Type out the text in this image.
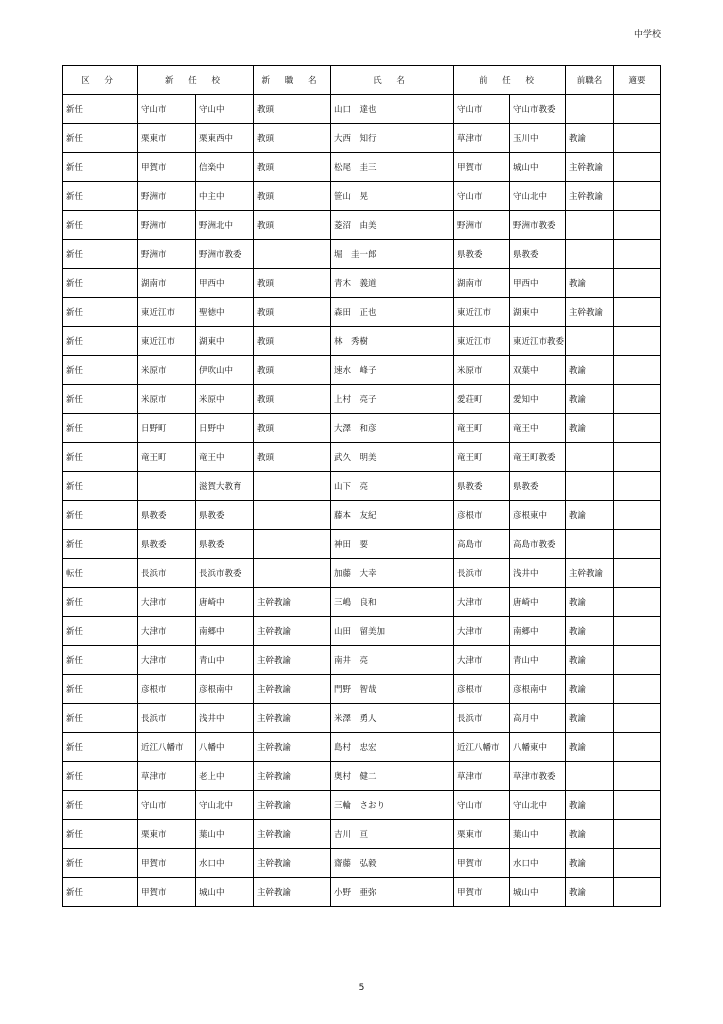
中学校
区 分	新 任 校		新 職 名	氏 名	前 任 校		前職名	適要
新任	守山市	守山中	教頭	山口　達也	守山市	守山市教委		
新任	栗東市	栗東西中	教頭	大西　知行	草津市	玉川中	教諭	
新任	甲賀市	信楽中	教頭	松尾　圭三	甲賀市	城山中	主幹教諭	
新任	野洲市	中主中	教頭	笹山　晃	守山市	守山北中	主幹教諭	
新任	野洲市	野洲北中	教頭	菱沼　由美	野洲市	野洲市教委		
新任	野洲市	野洲市教委		堀　圭一郎	県教委	県教委		
新任	湖南市	甲西中	教頭	青木　義道	湖南市	甲西中	教諭	
新任	東近江市	聖徳中	教頭	森田　正也	東近江市	湖東中	主幹教諭	
新任	東近江市	湖東中	教頭	林　秀樹	東近江市	東近江市教委		
新任	米原市	伊吹山中	教頭	速水　峰子	米原市	双葉中	教諭	
新任	米原市	米原中	教頭	上村　亮子	愛荘町	愛知中	教諭	
新任	日野町	日野中	教頭	大澤　和彦	竜王町	竜王中	教諭	
新任	竜王町	竜王中	教頭	武久　明美	竜王町	竜王町教委		
新任		滋賀大教育		山下　亮	県教委	県教委		
新任	県教委	県教委		藤本　友紀	彦根市	彦根東中	教諭	
新任	県教委	県教委		神田　要	高島市	高島市教委		
転任	長浜市	長浜市教委		加藤　大幸	長浜市	浅井中	主幹教諭	
新任	大津市	唐崎中	主幹教諭	三嶋　良和	大津市	唐崎中	教諭	
新任	大津市	南郷中	主幹教諭	山田　留美加	大津市	南郷中	教諭	
新任	大津市	青山中	主幹教諭	南井　亮	大津市	青山中	教諭	
新任	彦根市	彦根南中	主幹教諭	門野　智哉	彦根市	彦根南中	教諭	
新任	長浜市	浅井中	主幹教諭	米澤　勇人	長浜市	高月中	教諭	
新任	近江八幡市	八幡中	主幹教諭	島村　忠宏	近江八幡市	八幡東中	教諭	
新任	草津市	老上中	主幹教諭	奥村　健二	草津市	草津市教委		
新任	守山市	守山北中	主幹教諭	三輪　さおり	守山市	守山北中	教諭	
新任	栗東市	葉山中	主幹教諭	吉川　亘	栗東市	葉山中	教諭	
新任	甲賀市	水口中	主幹教諭	齋藤　弘毅	甲賀市	水口中	教諭	
新任	甲賀市	城山中	主幹教諭	小野　亜弥	甲賀市	城山中	教諭	
5
